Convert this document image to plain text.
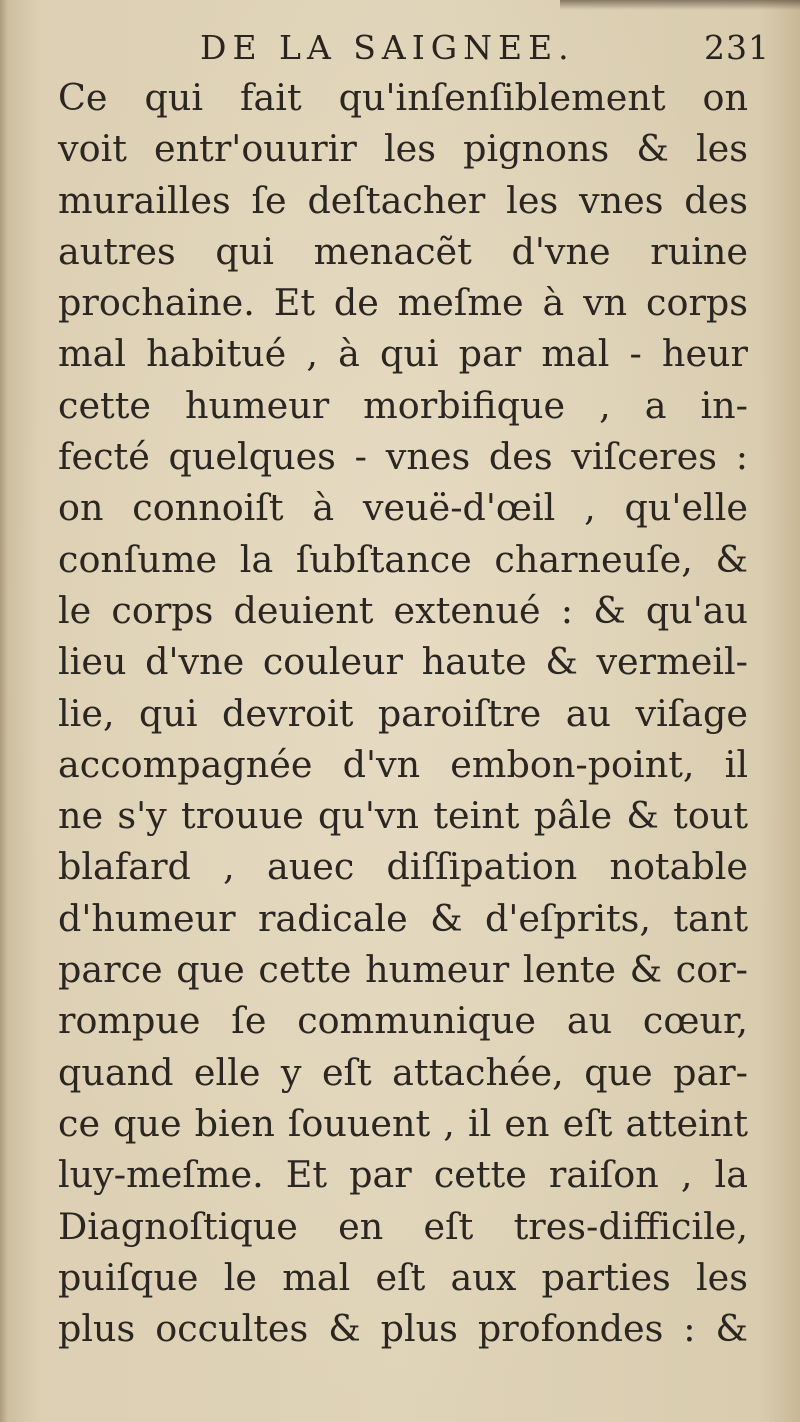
DE LA SAIGNEE.	231
Ce qui fait qu'inſenſiblement on
voit entr'ouurir les pignons & les
murailles ſe deſtacher les vnes des
autres qui menacẽt d'vne ruine
prochaine. Et de meſme à vn corps
mal habitué , à qui par mal - heur
cette humeur morbifique , a in-
fecté quelques - vnes des viſceres :
on connoiſt à veuë-d'œil , qu'elle
conſume la ſubſtance charneuſe, &
le corps deuient extenué : & qu'au
lieu d'vne couleur haute & vermeil-
lie, qui devroit paroiſtre au viſage
accompagnée d'vn embon-point, il
ne s'y trouue qu'vn teint pâle & tout
blafard , auec diſſipation notable
d'humeur radicale & d'eſprits, tant
parce que cette humeur lente & cor-
rompue ſe communique au cœur,
quand elle y eſt attachée, que par-
ce que bien ſouuent , il en eſt atteint
luy-meſme. Et par cette raiſon , la
Diagnoſtique en eſt tres-difficile,
puiſque le mal eſt aux parties les
plus occultes & plus profondes : &
